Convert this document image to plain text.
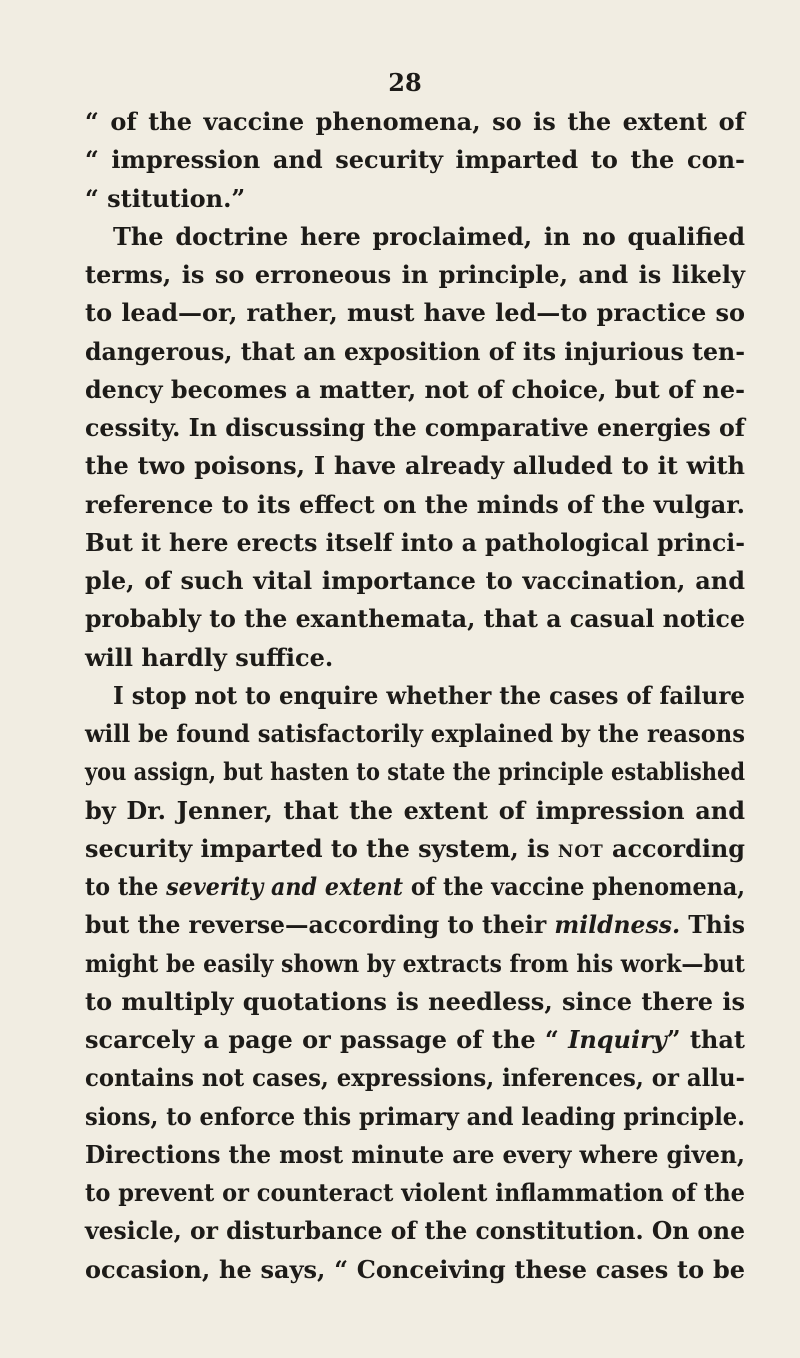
28
“ of the vaccine phenomena, so is the extent of
“ impression and security imparted to the con-
“ stitution.”
The doctrine here proclaimed, in no qualified
terms, is so erroneous in principle, and is likely
to lead—or, rather, must have led—to practice so
dangerous, that an exposition of its injurious ten-
dency becomes a matter, not of choice, but of ne-
cessity. In discussing the comparative energies of
the two poisons, I have already alluded to it with
reference to its effect on the minds of the vulgar.
But it here erects itself into a pathological princi-
ple, of such vital importance to vaccination, and
probably to the exanthemata, that a casual notice
will hardly suffice.
I stop not to enquire whether the cases of failure
will be found satisfactorily explained by the reasons
you assign, but hasten to state the principle established
by Dr. Jenner, that the extent of impression and
security imparted to the system, is NOT according
to the severity and extent of the vaccine phenomena,
but the reverse—according to their mildness. This
might be easily shown by extracts from his work—but
to multiply quotations is needless, since there is
scarcely a page or passage of the “ Inquiry” that
contains not cases, expressions, inferences, or allu-
sions, to enforce this primary and leading principle.
Directions the most minute are every where given,
to prevent or counteract violent inflammation of the
vesicle, or disturbance of the constitution. On one
occasion, he says, “ Conceiving these cases to be
